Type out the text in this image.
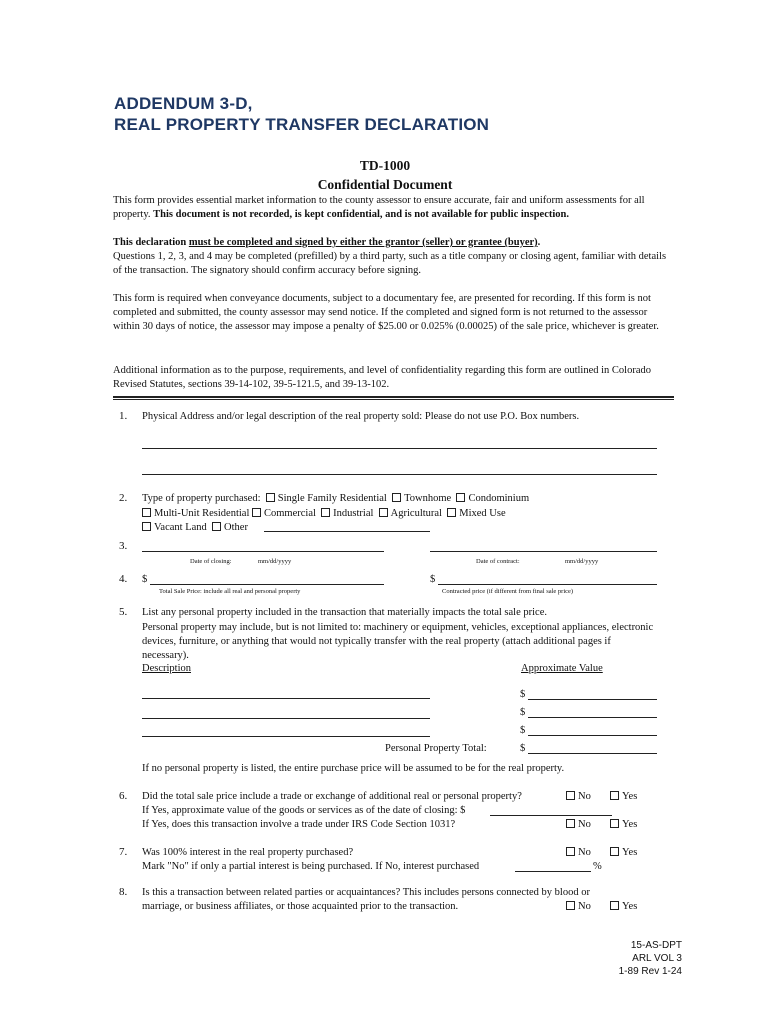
ADDENDUM 3-D,
REAL PROPERTY TRANSFER DECLARATION
TD-1000
Confidential Document
This form provides essential market information to the county assessor to ensure accurate, fair and uniform assessments for all property. This document is not recorded, is kept confidential, and is not available for public inspection.
This declaration must be completed and signed by either the grantor (seller) or grantee (buyer).
Questions 1, 2, 3, and 4 may be completed (prefilled) by a third party, such as a title company or closing agent, familiar with details of the transaction. The signatory should confirm accuracy before signing.
This form is required when conveyance documents, subject to a documentary fee, are presented for recording. If this form is not completed and submitted, the county assessor may send notice. If the completed and signed form is not returned to the assessor within 30 days of notice, the assessor may impose a penalty of $25.00 or 0.025% (0.00025) of the sale price, whichever is greater.
Additional information as to the purpose, requirements, and level of confidentiality regarding this form are outlined in Colorado Revised Statutes, sections 39-14-102, 39-5-121.5, and 39-13-102.
1. Physical Address and/or legal description of the real property sold: Please do not use P.O. Box numbers.
2. Type of property purchased: Single Family Residential Townhome Condominium
Multi-Unit Residential Commercial Industrial Agricultural Mixed Use
Vacant Land Other
3.
Date of closing:	mm/dd/yyyy	Date of contract:	mm/dd/yyyy
4. $
Total Sale Price: include all real and personal property
$
Contracted price (if different from final sale price)
5. List any personal property included in the transaction that materially impacts the total sale price.
Personal property may include, but is not limited to: machinery or equipment, vehicles, exceptional appliances, electronic devices, furniture, or anything that would not typically transfer with the real property (attach additional pages if necessary).
Description	Approximate Value
$
$
$
Personal Property Total:	$
If no personal property is listed, the entire purchase price will be assumed to be for the real property.
6. Did the total sale price include a trade or exchange of additional real or personal property?	No	Yes
If Yes, approximate value of the goods or services as of the date of closing: $
If Yes, does this transaction involve a trade under IRS Code Section 1031?	No	Yes
7. Was 100% interest in the real property purchased?	No	Yes
Mark "No" if only a partial interest is being purchased. If No, interest purchased	%
8. Is this a transaction between related parties or acquaintances? This includes persons connected by blood or
marriage, or business affiliates, or those acquainted prior to the transaction.	No	Yes
15-AS-DPT
ARL VOL 3
1-89 Rev 1-24
